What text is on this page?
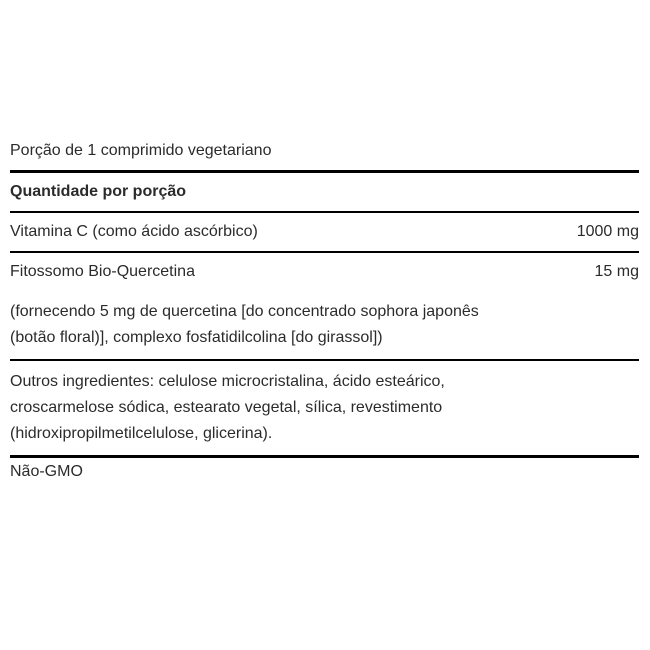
Porção de 1 comprimido vegetariano
Quantidade por porção
Vitamina C (como ácido ascórbico)	1000 mg
Fitossomo Bio-Quercetina	15 mg
(fornecendo 5 mg de quercetina [do concentrado sophora japonês (botão floral)], complexo fosfatidilcolina [do girassol])
Outros ingredientes: celulose microcristalina, ácido esteárico, croscarmelose sódica, estearato vegetal, sílica, revestimento (hidroxipropilmetilcelulose, glicerina).
Não-GMO
